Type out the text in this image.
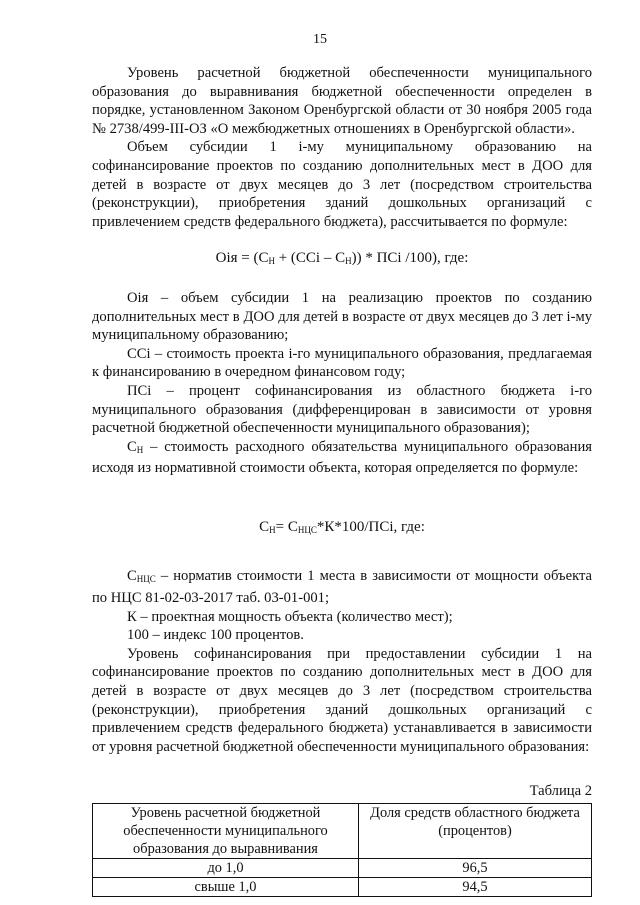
15

Уровень расчетной бюджетной обеспеченности муниципального образования до выравнивания бюджетной обеспеченности определен в порядке, установленном Законом Оренбургской области от 30 ноября 2005 года № 2738/499-III-ОЗ «О межбюджетных отношениях в Оренбургской области».

Объем субсидии 1 i-му муниципальному образованию на софинансирование проектов по созданию дополнительных мест в ДОО для детей в возрасте от двух месяцев до 3 лет (посредством строительства (реконструкции), приобретения зданий дошкольных организаций с привлечением средств федерального бюджета), рассчитывается по формуле:

Оiя = $(С_Н + (ССi - С_Н))$ * ПСi /100), где:

Оiя – объем субсидии 1 на реализацию проектов по созданию дополнительных мест в ДОО для детей в возрасте от двух месяцев до 3 лет i-му муниципальному образованию;

ССi – стоимость проекта i-го муниципального образования, предлагаемая к финансированию в очередном финансовом году;

ПСi – процент софинансирования из областного бюджета i-го муниципального образования (дифференцирован в зависимости от уровня расчетной бюджетной обеспеченности муниципального образования);

$С_Н$ – стоимость расходного обязательства муниципального образования исходя из нормативной стоимости объекта, которая определяется по формуле:

$С_Н= С_{НЦС}*К*100/ПСi$, где:

$С_{НЦС}$ – норматив стоимости 1 места в зависимости от мощности объекта по НЦС 81-02-03-2017 таб. 03-01-001;

К – проектная мощность объекта (количество мест);

100 – индекс 100 процентов.

Уровень софинансирования при предоставлении субсидии 1 на софинансирование проектов по созданию дополнительных мест в ДОО для детей в возрасте от двух месяцев до 3 лет (посредством строительства (реконструкции), приобретения зданий дошкольных организаций с привлечением средств федерального бюджета) устанавливается в зависимости от уровня расчетной бюджетной обеспеченности муниципального образования:

Таблица 2
Уровень расчетной бюджетной обеспеченности муниципального образования до выравнивания	Доля средств областного бюджета (процентов)
до 1,0	96,5
свыше 1,0	94,5
